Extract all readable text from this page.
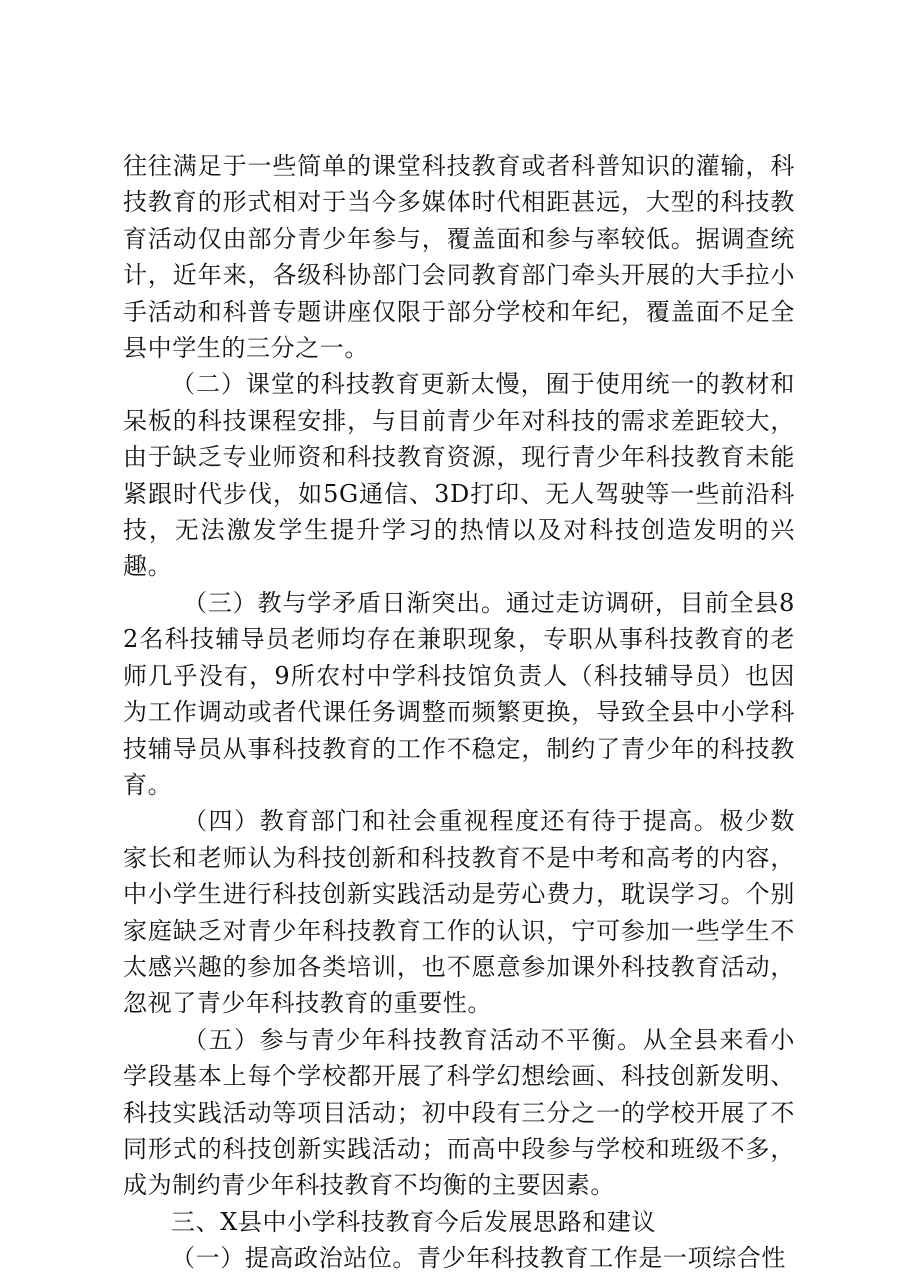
往往满足于一些简单的课堂科技教育或者科普知识的灌输，科技教育的形式相对于当今多媒体时代相距甚远，大型的科技教育活动仅由部分青少年参与，覆盖面和参与率较低。据调查统计，近年来，各级科协部门会同教育部门牵头开展的大手拉小手活动和科普专题讲座仅限于部分学校和年纪，覆盖面不足全县中学生的三分之一。

（二）课堂的科技教育更新太慢，囿于使用统一的教材和呆板的科技课程安排，与目前青少年对科技的需求差距较大，由于缺乏专业师资和科技教育资源，现行青少年科技教育未能紧跟时代步伐，如5G通信、3D打印、无人驾驶等一些前沿科技，无法激发学生提升学习的热情以及对科技创造发明的兴趣。

（三）教与学矛盾日渐突出。通过走访调研，目前全县82名科技辅导员老师均存在兼职现象，专职从事科技教育的老师几乎没有，9所农村中学科技馆负责人（科技辅导员）也因为工作调动或者代课任务调整而频繁更换，导致全县中小学科技辅导员从事科技教育的工作不稳定，制约了青少年的科技教育。

（四）教育部门和社会重视程度还有待于提高。极少数家长和老师认为科技创新和科技教育不是中考和高考的内容，中小学生进行科技创新实践活动是劳心费力，耽误学习。个别家庭缺乏对青少年科技教育工作的认识，宁可参加一些学生不太感兴趣的参加各类培训，也不愿意参加课外科技教育活动，忽视了青少年科技教育的重要性。

（五）参与青少年科技教育活动不平衡。从全县来看小学段基本上每个学校都开展了科学幻想绘画、科技创新发明、科技实践活动等项目活动；初中段有三分之一的学校开展了不同形式的科技创新实践活动；而高中段参与学校和班级不多，成为制约青少年科技教育不均衡的主要因素。

三、X县中小学科技教育今后发展思路和建议

（一）提高政治站位。青少年科技教育工作是一项综合性
